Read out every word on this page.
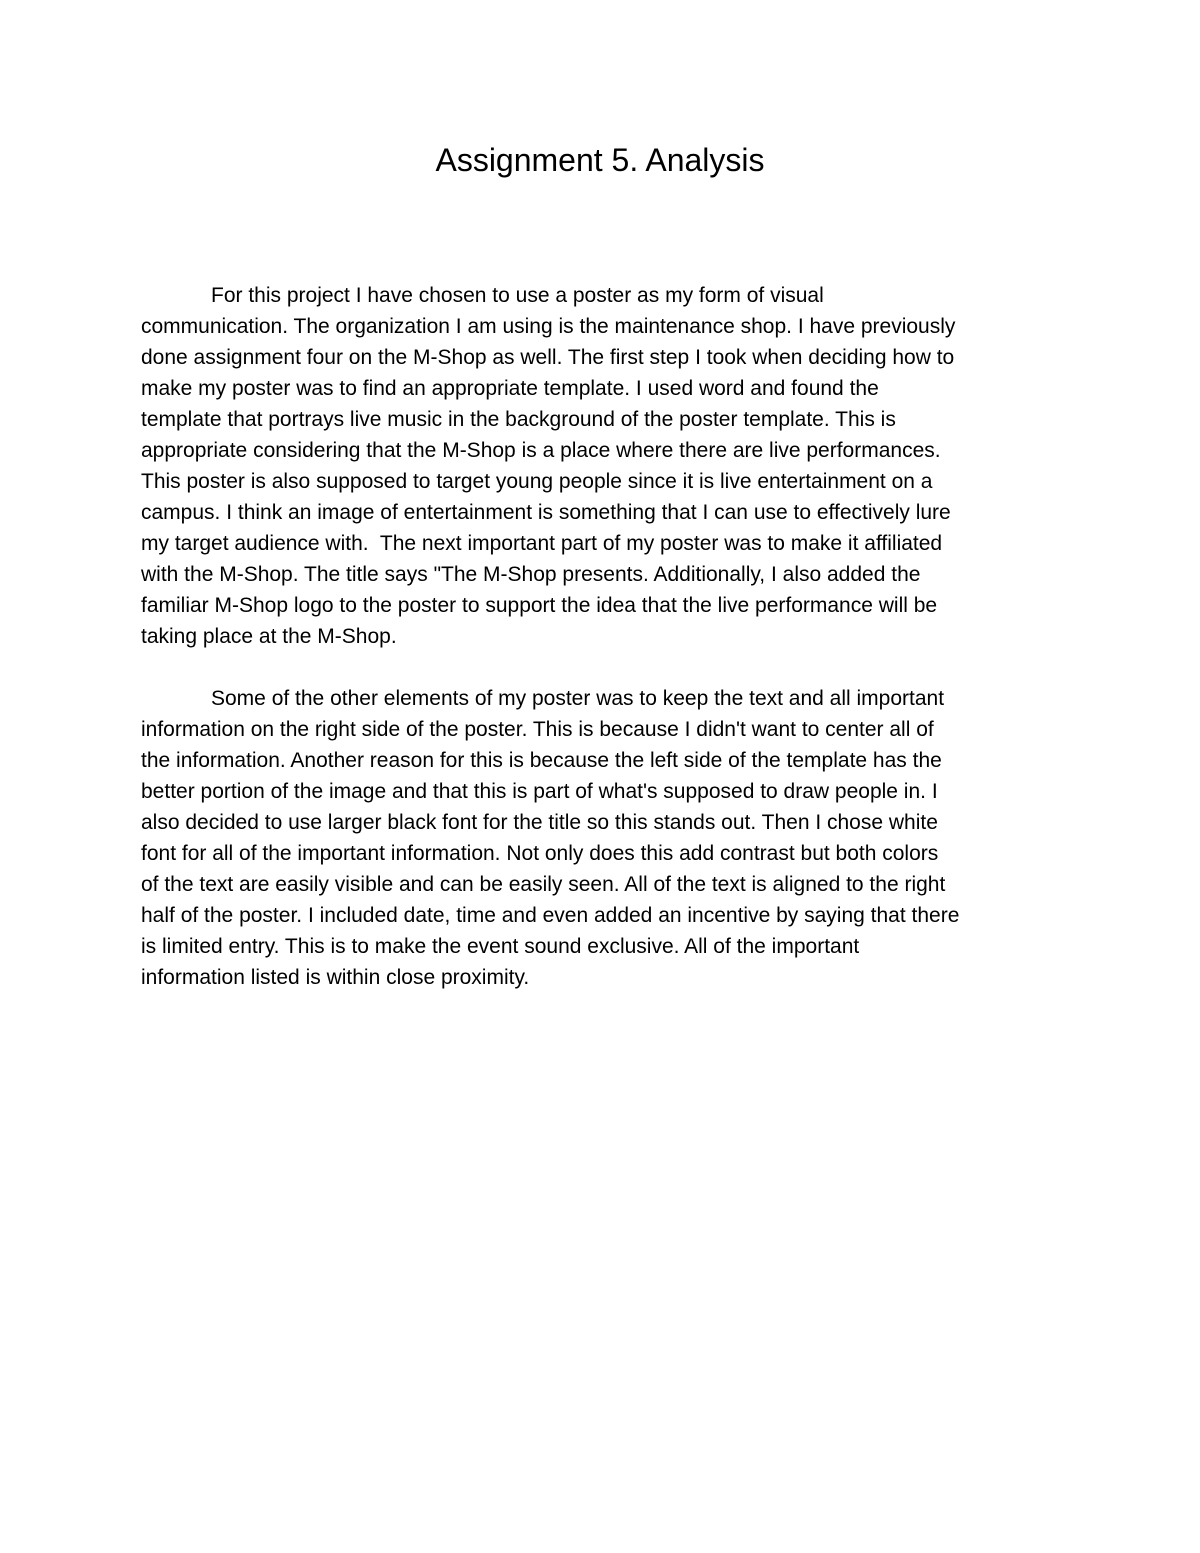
Assignment 5. Analysis

For this project I have chosen to use a poster as my form of visual
communication. The organization I am using is the maintenance shop. I have previously
done assignment four on the M-Shop as well. The first step I took when deciding how to
make my poster was to find an appropriate template. I used word and found the
template that portrays live music in the background of the poster template. This is
appropriate considering that the M-Shop is a place where there are live performances.
This poster is also supposed to target young people since it is live entertainment on a
campus. I think an image of entertainment is something that I can use to effectively lure
my target audience with.  The next important part of my poster was to make it affiliated
with the M-Shop. The title says "The M-Shop presents. Additionally, I also added the
familiar M-Shop logo to the poster to support the idea that the live performance will be
taking place at the M-Shop.

Some of the other elements of my poster was to keep the text and all important
information on the right side of the poster. This is because I didn't want to center all of
the information. Another reason for this is because the left side of the template has the
better portion of the image and that this is part of what's supposed to draw people in. I
also decided to use larger black font for the title so this stands out. Then I chose white
font for all of the important information. Not only does this add contrast but both colors
of the text are easily visible and can be easily seen. All of the text is aligned to the right
half of the poster. I included date, time and even added an incentive by saying that there
is limited entry. This is to make the event sound exclusive. All of the important
information listed is within close proximity.
